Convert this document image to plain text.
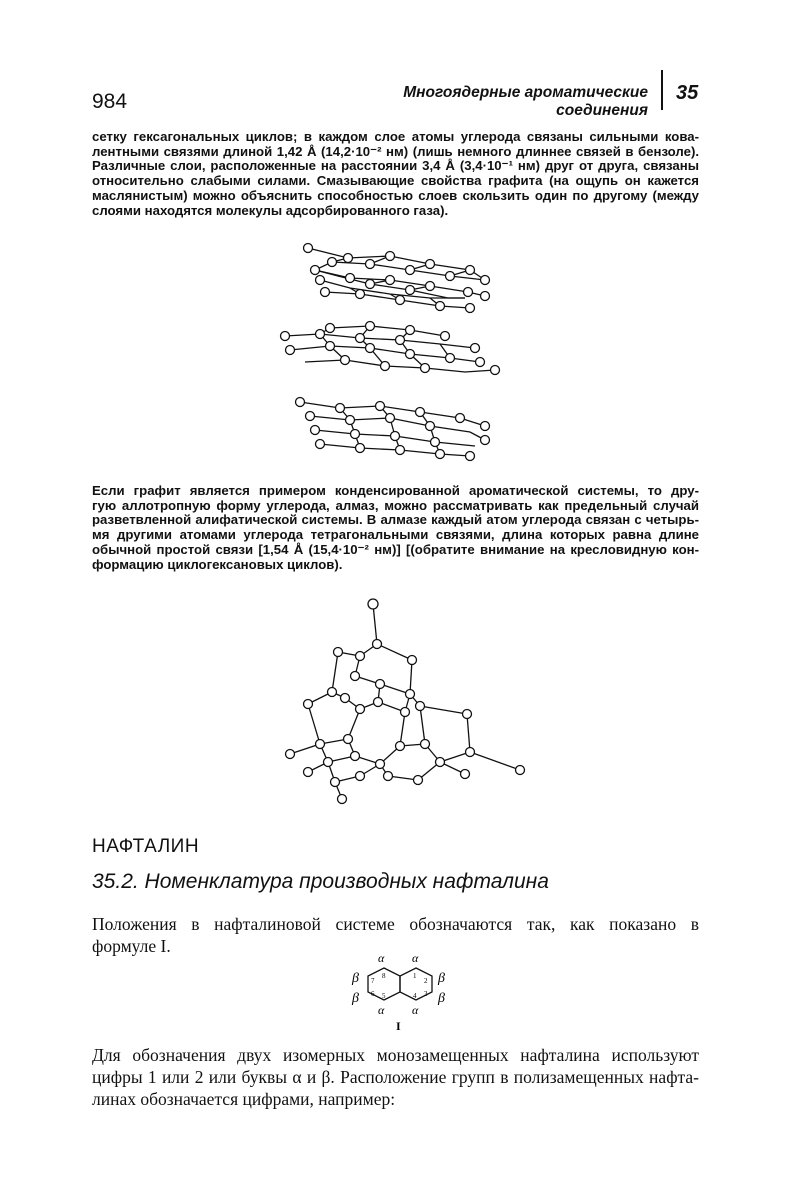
984	Многоядерные ароматические соединения
35
сетку гексагональных циклов; в каждом слое атомы углерода связаны сильными кова-
лентными связями длиной 1,42 Å (14,2·10⁻² нм) (лишь немного длиннее связей в бензоле).
Различные слои, расположенные на расстоянии 3,4 Å (3,4·10⁻¹ нм) друг от друга, связаны
относительно слабыми силами. Смазывающие свойства графита (на ощупь он кажется
маслянистым) можно объяснить способностью слоев скользить один по другому (между
слоями находятся молекулы адсорбированного газа).
Если графит является примером конденсированной ароматической системы, то дру-
гую аллотропную форму углерода, алмаз, можно рассматривать как предельный случай
разветвленной алифатической системы. В алмазе каждый атом углерода связан с четырь-
мя другими атомами углерода тетрагональными связями, длина которых равна длине
обычной простой связи [1,54 Å (15,4·10⁻² нм)] [(обратите внимание на кресловидную кон-
формацию циклогексановых циклов).
НАФТАЛИН
35.2. Номенклатура производных нафталина
Положения в нафталиновой системе обозначаются так, как показано в
формуле I.
α α
α α
β
β
β
β
1
2
3
4
5
6
7
8
I
Для обозначения двух изомерных монозамещенных нафталина используют
цифры 1 или 2 или буквы α и β. Расположение групп в полизамещенных нафта-
линах обозначается цифрами, например:
